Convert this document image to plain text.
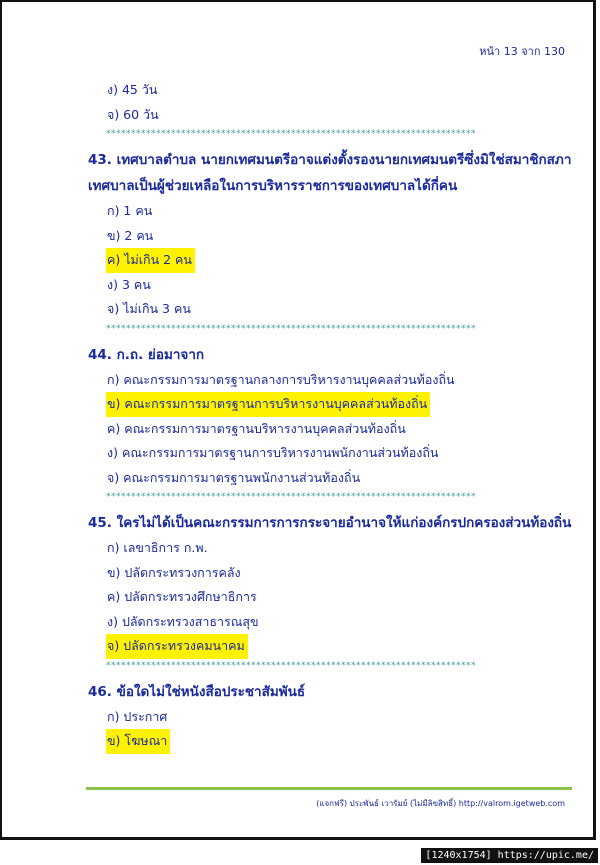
หน้า 13 จาก 130
ง) 45 วัน
จ) 60 วัน
**************************************************************************

43. เทศบาลตำบล นายกเทศมนตรีอาจแต่งตั้งรองนายกเทศมนตรีซึ่งมิใช่สมาชิกสภา

เทศบาลเป็นผู้ช่วยเหลือในการบริหารราชการของเทศบาลได้กี่คน

ก) 1 คน
ข) 2 คน
ค) ไม่เกิน 2 คน
ง) 3 คน
จ) ไม่เกิน 3 คน
**************************************************************************

44. ก.ถ. ย่อมาจาก

ก) คณะกรรมการมาตรฐานกลางการบริหารงานบุคคลส่วนท้องถิ่น
ข) คณะกรรมการมาตรฐานการบริหารงานบุคคลส่วนท้องถิ่น
ค) คณะกรรมการมาตรฐานบริหารงานบุคคลส่วนท้องถิ่น
ง) คณะกรรมการมาตรฐานการบริหารงานพนักงานส่วนท้องถิ่น
จ) คณะกรรมการมาตรฐานพนักงานส่วนท้องถิ่น
**************************************************************************

45. ใครไม่ได้เป็นคณะกรรมการการกระจายอำนาจให้แก่องค์กรปกครองส่วนท้องถิ่น

ก) เลขาธิการ ก.พ.
ข) ปลัดกระทรวงการคลัง
ค) ปลัดกระทรวงศึกษาธิการ
ง) ปลัดกระทรวงสาธารณสุข
จ) ปลัดกระทรวงคมนาคม
**************************************************************************

46. ข้อใดไม่ใช่หนังสือประชาสัมพันธ์

ก) ประกาศ
ข) โฆษณา
(แจกฟรี) ประพันธ์ เวารัมย์ (ไม่มีลิขสิทธิ์) http://valrom.igetweb.com
[1240x1754] https://upic.me/
